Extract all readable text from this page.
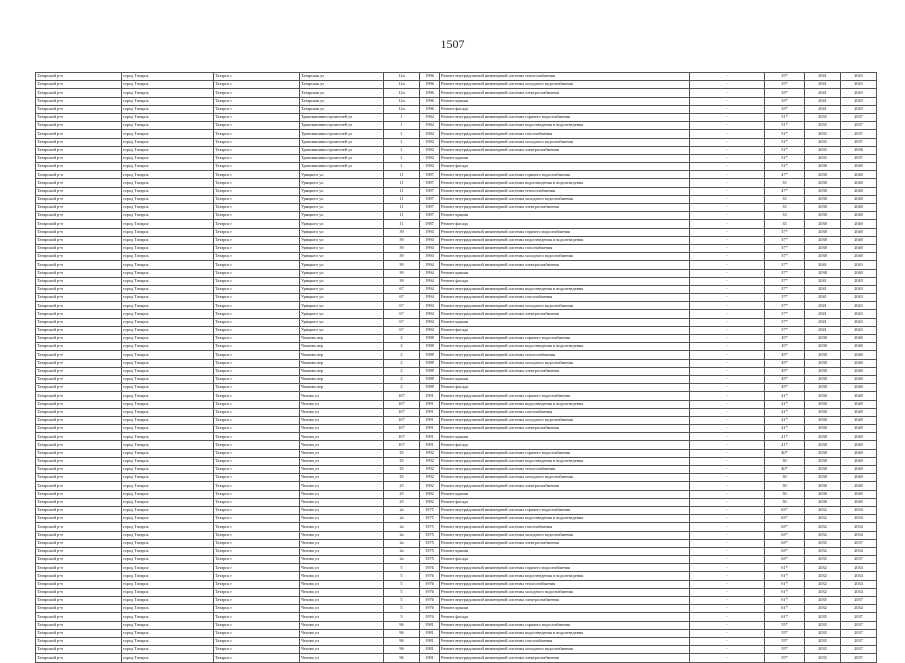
1507
Татарский р-н	город Татарск	Татарск г	Татарская ул	12а	1996	Ремонт внутридомовой инженерной системы теплоснабжения	-	35*	2041	2043
Татарский р-н	город Татарск	Татарск г	Татарская ул	12а	1996	Ремонт внутридомовой инженерной системы холодного водоснабжения	-	35*	2041	2043
Татарский р-н	город Татарск	Татарск г	Татарская ул	12а	1996	Ремонт внутридомовой инженерной системы электроснабжения	-	35*	2041	2043
Татарский р-н	город Татарск	Татарск г	Татарская ул	12а	1996	Ремонт крыши	-	35*	2041	2043
Татарский р-н	город Татарск	Татарск г	Татарская ул	12а	1996	Ремонт фасада	-	35*	2041	2043
Татарский р-н	город Татарск	Татарск г	Трансмашиностроителей ул	1	1984	Ремонт внутридомовой инженерной системы горячего водоснабжения	-	51*	2035	2037
Татарский р-н	город Татарск	Татарск г	Трансмашиностроителей ул	1	1984	Ремонт внутридомовой инженерной системы водоотведения и водоотведения	-	51*	2035	2037
Татарский р-н	город Татарск	Татарск г	Трансмашиностроителей ул	1	1984	Ремонт внутридомовой инженерной системы газоснабжения	-	51*	2035	2037
Татарский р-н	город Татарск	Татарск г	Трансмашиностроителей ул	1	1984	Ремонт внутридомовой инженерной системы холодного водоснабжения	-	51*	2035	2037
Татарский р-н	город Татарск	Татарск г	Трансмашиностроителей ул	1	1984	Ремонт внутридомовой инженерной системы электроснабжения	-	51*	2035	2038
Татарский р-н	город Татарск	Татарск г	Трансмашиностроителей ул	1	1984	Ремонт крыши	-	51*	2035	2037
Татарский р-н	город Татарск	Татарск г	Трансмашиностроителей ул	1	1984	Ремонт фасада	-	51*	2038	2040
Татарский р-н	город Татарск	Татарск г	Урицкого ул	11	1987	Ремонт внутридомовой инженерной системы горячего водоснабжения	-	47*	2038	2040
Татарский р-н	город Татарск	Татарск г	Урицкого ул	11	1987	Ремонт внутридомовой инженерной системы водоотведения и водоотведения	-	35	2038	2040
Татарский р-н	город Татарск	Татарск г	Урицкого ул	11	1987	Ремонт внутридомовой инженерной системы теплоснабжения	-	47*	2038	2040
Татарский р-н	город Татарск	Татарск г	Урицкого ул	11	1987	Ремонт внутридомовой инженерной системы холодного водоснабжения	-	35	2038	2040
Татарский р-н	город Татарск	Татарск г	Урицкого ул	11	1987	Ремонт внутридомовой инженерной системы электроснабжения	-	35	2038	2040
Татарский р-н	город Татарск	Татарск г	Урицкого ул	11	1987	Ремонт крыши	-	33	2038	2040
Татарский р-н	город Татарск	Татарск г	Урицкого ул	11	1987	Ремонт фасада	-	35	2038	2040
Татарский р-н	город Татарск	Татарск г	Урицкого ул	39	1994	Ремонт внутридомовой инженерной системы горячего водоснабжения	-	37*	2038	2040
Татарский р-н	город Татарск	Татарск г	Урицкого ул	39	1994	Ремонт внутридомовой инженерной системы водоотведения и водоотведения	-	37*	2038	2040
Татарский р-н	город Татарск	Татарск г	Урицкого ул	39	1994	Ремонт внутридомовой инженерной системы газоснабжения	-	37*	2038	2040
Татарский р-н	город Татарск	Татарск г	Урицкого ул	39	1994	Ремонт внутридомовой инженерной системы холодного водоснабжения	-	37*	2038	2040
Татарский р-н	город Татарск	Татарск г	Урицкого ул	39	1994	Ремонт внутридомовой инженерной системы электроснабжения	-	37*	2041	2043
Татарский р-н	город Татарск	Татарск г	Урицкого ул	39	1994	Ремонт крыши	-	37*	2038	2040
Татарский р-н	город Татарск	Татарск г	Урицкого ул	39	1994	Ремонт фасада	-	37*	2041	2043
Татарский р-н	город Татарск	Татарск г	Урицкого ул	67	1994	Ремонт внутридомовой инженерной системы водоотведения и водоотведения	-	37*	2041	2043
Татарский р-н	город Татарск	Татарск г	Урицкого ул	67	1994	Ремонт внутридомовой инженерной системы газоснабжения	-	37*	2041	2043
Татарский р-н	город Татарск	Татарск г	Урицкого ул	67	1994	Ремонт внутридомовой инженерной системы холодного водоснабжения	-	37*	2041	2043
Татарский р-н	город Татарск	Татарск г	Урицкого ул	67	1994	Ремонт внутридомовой инженерной системы электроснабжения	-	37*	2041	2043
Татарский р-н	город Татарск	Татарск г	Урицкого ул	67	1994	Ремонт крыши	-	37*	2041	2043
Татарский р-н	город Татарск	Татарск г	Урицкого ул	67	1994	Ремонт фасада	-	37*	2041	2043
Татарский р-н	город Татарск	Татарск г	Чапаева пер	2	1988	Ремонт внутридомовой инженерной системы горячего водоснабжения	-	45*	2038	2040
Татарский р-н	город Татарск	Татарск г	Чапаева пер	2	1988	Ремонт внутридомовой инженерной системы водоотведения и водоотведения	-	45*	2038	2040
Татарский р-н	город Татарск	Татарск г	Чапаева пер	2	1988	Ремонт внутридомовой инженерной системы теплоснабжения	-	45*	2038	2040
Татарский р-н	город Татарск	Татарск г	Чапаева пер	2	1988	Ремонт внутридомовой инженерной системы холодного водоснабжения	-	45*	2038	2040
Татарский р-н	город Татарск	Татарск г	Чапаева пер	2	1988	Ремонт внутридомовой инженерной системы электроснабжения	-	45*	2038	2040
Татарский р-н	город Татарск	Татарск г	Чапаева пер	2	1988	Ремонт крыши	-	45*	2038	2040
Татарский р-н	город Татарск	Татарск г	Чапаева пер	2	1988	Ремонт фасада	-	45*	2038	2040
Татарский р-н	город Татарск	Татарск г	Чехова ул	107	1991	Ремонт внутридомовой инженерной системы горячего водоснабжения	-	41*	2038	2040
Татарский р-н	город Татарск	Татарск г	Чехова ул	107	1991	Ремонт внутридомовой инженерной системы водоотведения и водоотведения	-	41*	2038	2040
Татарский р-н	город Татарск	Татарск г	Чехова ул	107	1991	Ремонт внутридомовой инженерной системы газоснабжения	-	41*	2038	2040
Татарский р-н	город Татарск	Татарск г	Чехова ул	107	1991	Ремонт внутридомовой инженерной системы холодного водоснабжения	-	41*	2038	2040
Татарский р-н	город Татарск	Татарск г	Чехова ул	107	1991	Ремонт внутридомовой инженерной системы электроснабжения	-	41*	2038	2040
Татарский р-н	город Татарск	Татарск г	Чехова ул	107	1991	Ремонт крыши	-	41*	2038	2040
Татарский р-н	город Татарск	Татарск г	Чехова ул	107	1991	Ремонт фасада	-	41*	2038	2040
Татарский р-н	город Татарск	Татарск г	Чехова ул	25	1992	Ремонт внутридомовой инженерной системы горячего водоснабжения	-	40*	2038	2040
Татарский р-н	город Татарск	Татарск г	Чехова ул	25	1992	Ремонт внутридомовой инженерной системы водоотведения и водоотведения	-	30	2038	2040
Татарский р-н	город Татарск	Татарск г	Чехова ул	25	1992	Ремонт внутридомовой инженерной системы теплоснабжения	-	40*	2038	2040
Татарский р-н	город Татарск	Татарск г	Чехова ул	25	1992	Ремонт внутридомовой инженерной системы холодного водоснабжения	-	30	2038	2040
Татарский р-н	город Татарск	Татарск г	Чехова ул	25	1992	Ремонт внутридомовой инженерной системы электроснабжения	-	30	2038	2040
Татарский р-н	город Татарск	Татарск г	Чехова ул	25	1992	Ремонт крыши	-	30	2038	2040
Татарский р-н	город Татарск	Татарск г	Чехова ул	25	1992	Ремонт фасада	-	30	2038	2040
Татарский р-н	город Татарск	Татарск г	Чехова ул	2а	1975	Ремонт внутридомовой инженерной системы горячего водоснабжения	-	63*	2032	2034
Татарский р-н	город Татарск	Татарск г	Чехова ул	2а	1975	Ремонт внутридомовой инженерной системы водоотведения и водоотведения	-	63*	2032	2034
Татарский р-н	город Татарск	Татарск г	Чехова ул	2а	1975	Ремонт внутридомовой инженерной системы газоснабжения	-	63*	2032	2034
Татарский р-н	город Татарск	Татарск г	Чехова ул	2а	1975	Ремонт внутридомовой инженерной системы холодного водоснабжения	-	63*	2032	2034
Татарский р-н	город Татарск	Татарск г	Чехова ул	2а	1975	Ремонт внутридомовой инженерной системы электроснабжения	-	63*	2035	2037
Татарский р-н	город Татарск	Татарск г	Чехова ул	2а	1975	Ремонт крыши	-	63*	2032	2034
Татарский р-н	город Татарск	Татарск г	Чехова ул	2а	1975	Ремонт фасада	-	63*	2035	2037
Татарский р-н	город Татарск	Татарск г	Чехова ул	5	1976	Ремонт внутридомовой инженерной системы горячего водоснабжения	-	61*	2032	2034
Татарский р-н	город Татарск	Татарск г	Чехова ул	5	1976	Ремонт внутридомовой инженерной системы водоотведения и водоотведения	-	61*	2032	2034
Татарский р-н	город Татарск	Татарск г	Чехова ул	5	1976	Ремонт внутридомовой инженерной системы теплоснабжения	-	61*	2032	2034
Татарский р-н	город Татарск	Татарск г	Чехова ул	5	1976	Ремонт внутридомовой инженерной системы холодного водоснабжения	-	61*	2032	2034
Татарский р-н	город Татарск	Татарск г	Чехова ул	5	1976	Ремонт внутридомовой инженерной системы электроснабжения	-	61*	2035	2037
Татарский р-н	город Татарск	Татарск г	Чехова ул	5	1976	Ремонт крыши	-	61*	2032	2034
Татарский р-н	город Татарск	Татарск г	Чехова ул	5	1976	Ремонт фасада	-	61*	2035	2037
Татарский р-н	город Татарск	Татарск г	Чехова ул	96	1981	Ремонт внутридомовой инженерной системы горячего водоснабжения	-	55*	2035	2037
Татарский р-н	город Татарск	Татарск г	Чехова ул	96	1981	Ремонт внутридомовой инженерной системы водоотведения и водоотведения	-	55*	2035	2037
Татарский р-н	город Татарск	Татарск г	Чехова ул	96	1981	Ремонт внутридомовой инженерной системы газоснабжения	-	55*	2035	2037
Татарский р-н	город Татарск	Татарск г	Чехова ул	96	1981	Ремонт внутридомовой инженерной системы холодного водоснабжения	-	55*	2035	2037
Татарский р-н	город Татарск	Татарск г	Чехова ул	96	1981	Ремонт внутридомовой инженерной системы электроснабжения	-	55*	2035	2037
